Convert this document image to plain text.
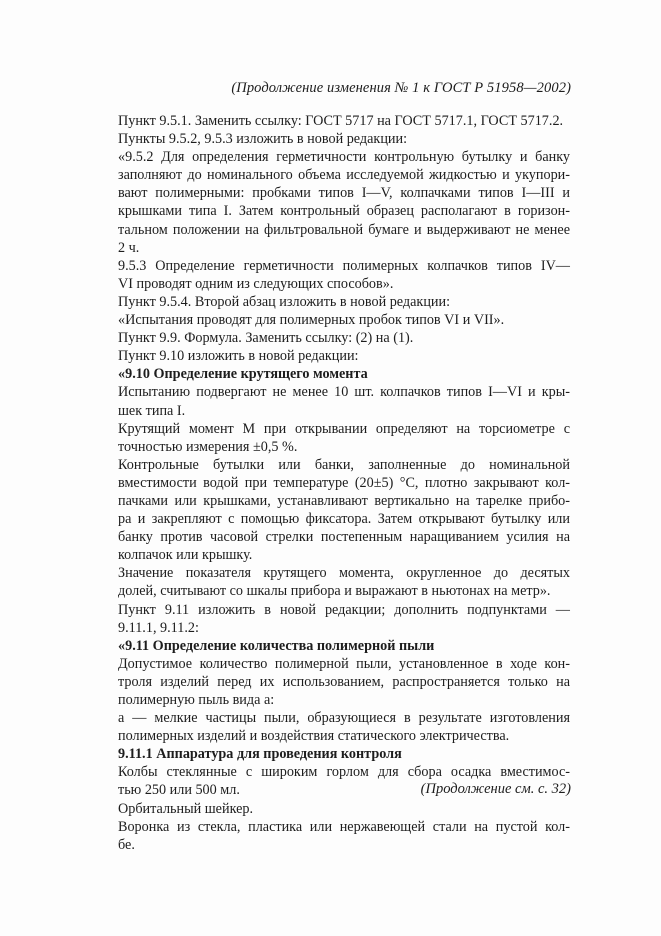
(Продолжение изменения № 1 к ГОСТ Р 51958—2002)
Пункт 9.5.1. Заменить ссылку: ГОСТ 5717 на ГОСТ 5717.1, ГОСТ 5717.2.
Пункты 9.5.2, 9.5.3 изложить в новой редакции:
«9.5.2 Для определения герметичности контрольную бутылку и банку
заполняют до номинального объема исследуемой жидкостью и укупори-
вают полимерными: пробками типов I—V, колпачками типов I—III и
крышками типа I. Затем контрольный образец располагают в горизон-
тальном положении на фильтровальной бумаге и выдерживают не менее
2 ч.
9.5.3 Определение герметичности полимерных колпачков типов IV—
VI проводят одним из следующих способов».
Пункт 9.5.4. Второй абзац изложить в новой редакции:
«Испытания проводят для полимерных пробок типов VI и VII».
Пункт 9.9. Формула. Заменить ссылку: (2) на (1).
Пункт 9.10 изложить в новой редакции:
«9.10 Определение крутящего момента
Испытанию подвергают не менее 10 шт. колпачков типов I—VI и кры-
шек типа I.
Крутящий момент М при открывании определяют на торсиометре с
точностью измерения ±0,5 %.
Контрольные бутылки или банки, заполненные до номинальной
вместимости водой при температуре (20±5) °С, плотно закрывают кол-
пачками или крышками, устанавливают вертикально на тарелке прибо-
ра и закрепляют с помощью фиксатора. Затем открывают бутылку или
банку против часовой стрелки постепенным наращиванием усилия на
колпачок или крышку.
Значение показателя крутящего момента, округленное до десятых
долей, считывают со шкалы прибора и выражают в ньютонах на метр».
Пункт 9.11 изложить в новой редакции; дополнить подпунктами —
9.11.1, 9.11.2:
«9.11 Определение количества полимерной пыли
Допустимое количество полимерной пыли, установленное в ходе кон-
троля изделий перед их использованием, распространяется только на
полимерную пыль вида а:
а — мелкие частицы пыли, образующиеся в результате изготовления
полимерных изделий и воздействия статического электричества.
9.11.1 Аппаратура для проведения контроля
Колбы стеклянные с широким горлом для сбора осадка вместимос-
тью 250 или 500 мл.
Орбитальный шейкер.
Воронка из стекла, пластика или нержавеющей стали на пустой кол-
бе.
(Продолжение см. с. 32)
